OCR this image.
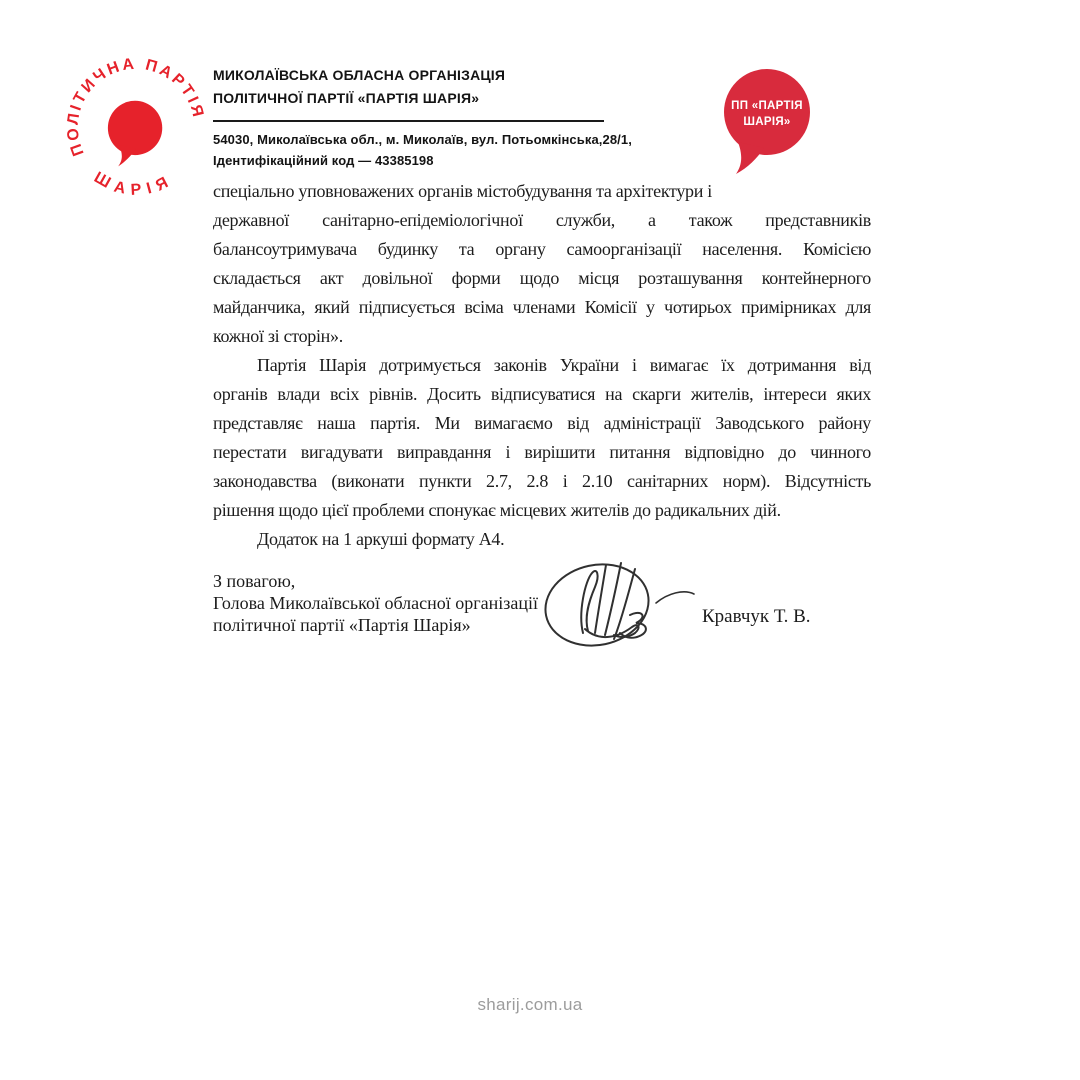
ПОЛІТИЧНА ПАРТІЯ
ШАРІЯ
МИКОЛАЇВСЬКА ОБЛАСНА ОРГАНІЗАЦІЯ
ПОЛІТИЧНОЇ ПАРТІЇ «ПАРТІЯ ШАРІЯ»
54030, Миколаївська обл., м. Миколаїв, вул. Потьомкінська,28/1,
Ідентифікаційний код — 43385198
ПП «ПАРТІЯ
ШАРІЯ»
спеціально уповноважених органів містобудування та архітектури і
державної санітарно-епідеміологічної служби, а також представників
балансоутримувача будинку та органу самоорганізації населення. Комісією
складається акт довільної форми щодо місця розташування контейнерного
майданчика, який підписується всіма членами Комісії у чотирьох примірниках для
кожної зі сторін».
Партія Шарія дотримується законів України і вимагає їх дотримання від
органів влади всіх рівнів. Досить відписуватися на скарги жителів, інтереси яких
представляє наша партія. Ми вимагаємо від адміністрації Заводського району
перестати вигадувати виправдання і вирішити питання відповідно до чинного
законодавства (виконати пункти 2.7, 2.8 і 2.10 санітарних норм). Відсутність
рішення щодо цієї проблеми спонукає місцевих жителів до радикальних дій.
Додаток на 1 аркуші формату А4.
З повагою,
Голова Миколаївської обласної організації
політичної партії «Партія Шарія»	Кравчук Т. В.
sharij.com.ua
